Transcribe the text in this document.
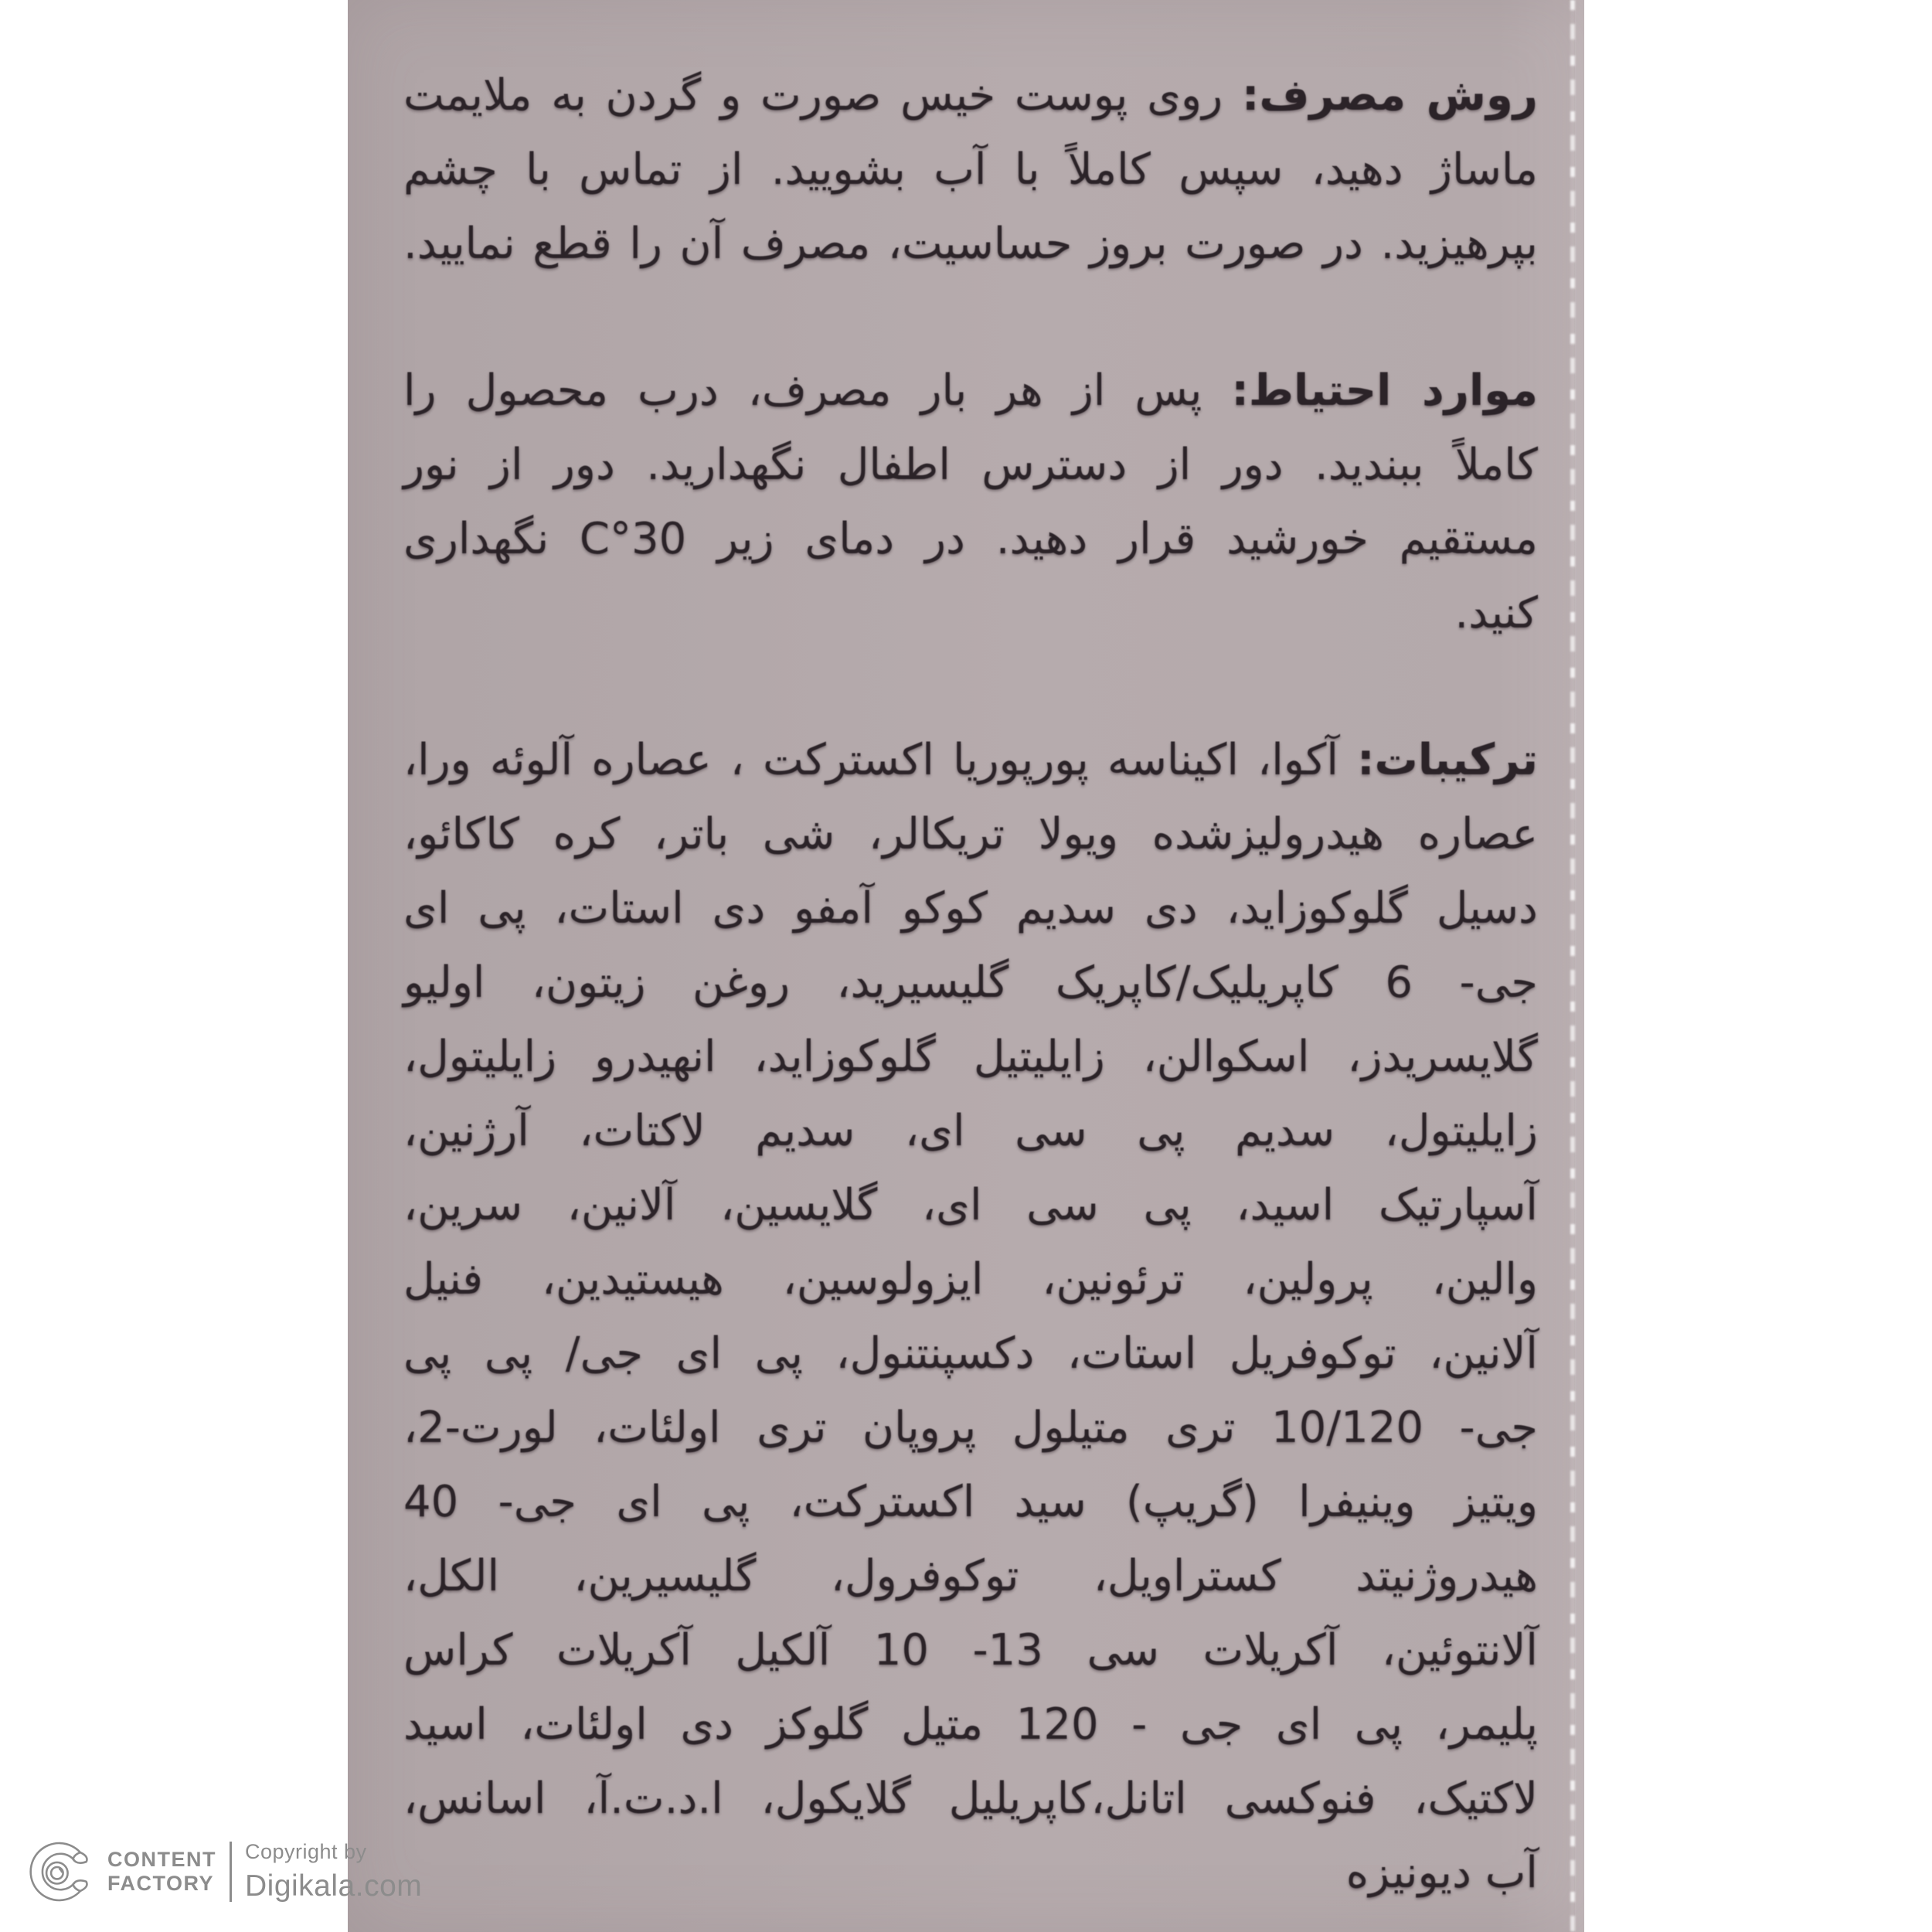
روش مصرف: روی پوست خیس صورت و گردن به ملایمت
ماساژ دهید، سپس کاملاً با آب بشویید. از تماس با چشم
بپرهیزید. در صورت بروز حساسیت، مصرف آن را قطع نمایید.
موارد احتیاط: پس از هر بار مصرف، درب محصول را
کاملاً ببندید. دور از دسترس اطفال نگهدارید. دور از نور
مستقیم خورشید قرار دهید. در دمای زیر 30°C نگهداری
کنید.
ترکیبات: آکوا، اکیناسه پورپوریا اکسترکت ، عصاره آلوئه ورا،
عصاره هیدرولیزشده ویولا تریکالر، شی باتر، کره کاکائو،
دسیل گلوکوزاید، دی سدیم کوکو آمفو دی استات، پی ای
جی- 6 کاپریلیک/کاپریک گلیسیرید، روغن زیتون، اولیو
گلایسریدز، اسکوالن، زایلیتیل گلوکوزاید، انهیدرو زایلیتول،
زایلیتول، سدیم پی سی ای، سدیم لاکتات، آرژنین،
آسپارتیک اسید، پی سی ای، گلایسین، آلانین، سرین،
والین، پرولین، ترئونین، ایزولوسین، هیستیدین، فنیل
آلانین، توکوفریل استات، دکسپنتنول، پی ای جی/ پی پی
جی- 10/120 تری متیلول پروپان تری اولئات، لورت-2،
ویتیز وینیفرا (گریپ) سید اکسترکت، پی ای جی- 40
هیدروژنیتد کستراویل، توکوفرول، گلیسیرین، الکل،
آلانتوئین، آکریلات سی 13- 10 آلکیل آکریلات کراس
پلیمر، پی ای جی - 120 متیل گلوکز دی اولئات، اسید
لاکتیک، فنوکسی اتانل،کاپریلیل گلایکول، ا.د.ت.آ، اسانس،
آب دیونیزه
CONTENT
FACTORY
Copyright by
Digikala.com
